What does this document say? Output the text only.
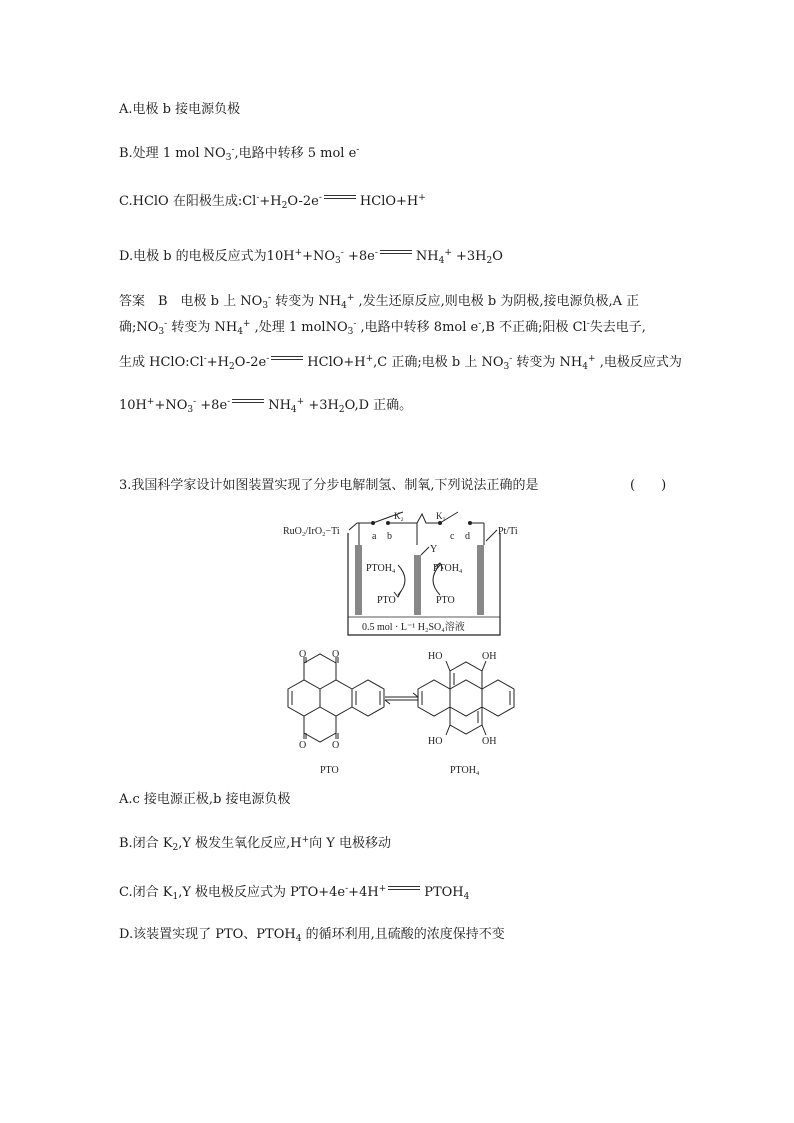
A.电极 b 接电源负极
B.处理 1 mol $NO_3^-$,电路中转移 5 mol e-
C.HClO 在阳极生成$:Cl^-+H_2O-2e^-$	HClO+H+
D.电极 b 的电极反应式为$10H^++NO_3^- +8e^-$	$NH_4^+ +3H_2O$
答案　B　电极 b 上 $NO_3^-$ 转变为 $NH_4^+$ ,发生还原反应,则电极 b 为阴极,接电源负极,A 正
确$;NO_3^-$ 转变为 $NH_4^+$ ,处理 1 molNO$_3$- ,电路中转移 8mol e-,B 不正确;阳极 Cl-失去电子,
生成 $HClO:Cl^-+H_2O-2e^-$	HClO+H+,C 正确;电极 b 上 $NO_3^-$ 转变为 $NH_4^+$ ,电极反应式为
$10H^++NO_3^- +8e^-$	$NH_4^+ +3H_2O,D$ 正确。
3.我国科学家设计如图装置实现了分步电解制氢、制氧,下列说法正确的是	(　　)
RuO₂/IrO₂−Ti
K₂	K₁
a b	c d	Pt/Ti
Y
PTOH₄	PTOH₄
PTO	PTO
0.5 mol · L⁻¹ H₂SO₄溶液
O	O
O	O
HO	OH
HO	OH
PTO	PTOH₄
A.c 接电源正极,b 接电源负极
B.闭合 $K_2,Y$ 极发生氧化反应,H+向 Y 电极移动
C.闭合 $K_1,Y$ 极电极反应式为 PTO+4e-+4H+	$PTOH_4$
D.该装置实现了 PTO、$PTOH_4$ 的循环利用,且硫酸的浓度保持不变
